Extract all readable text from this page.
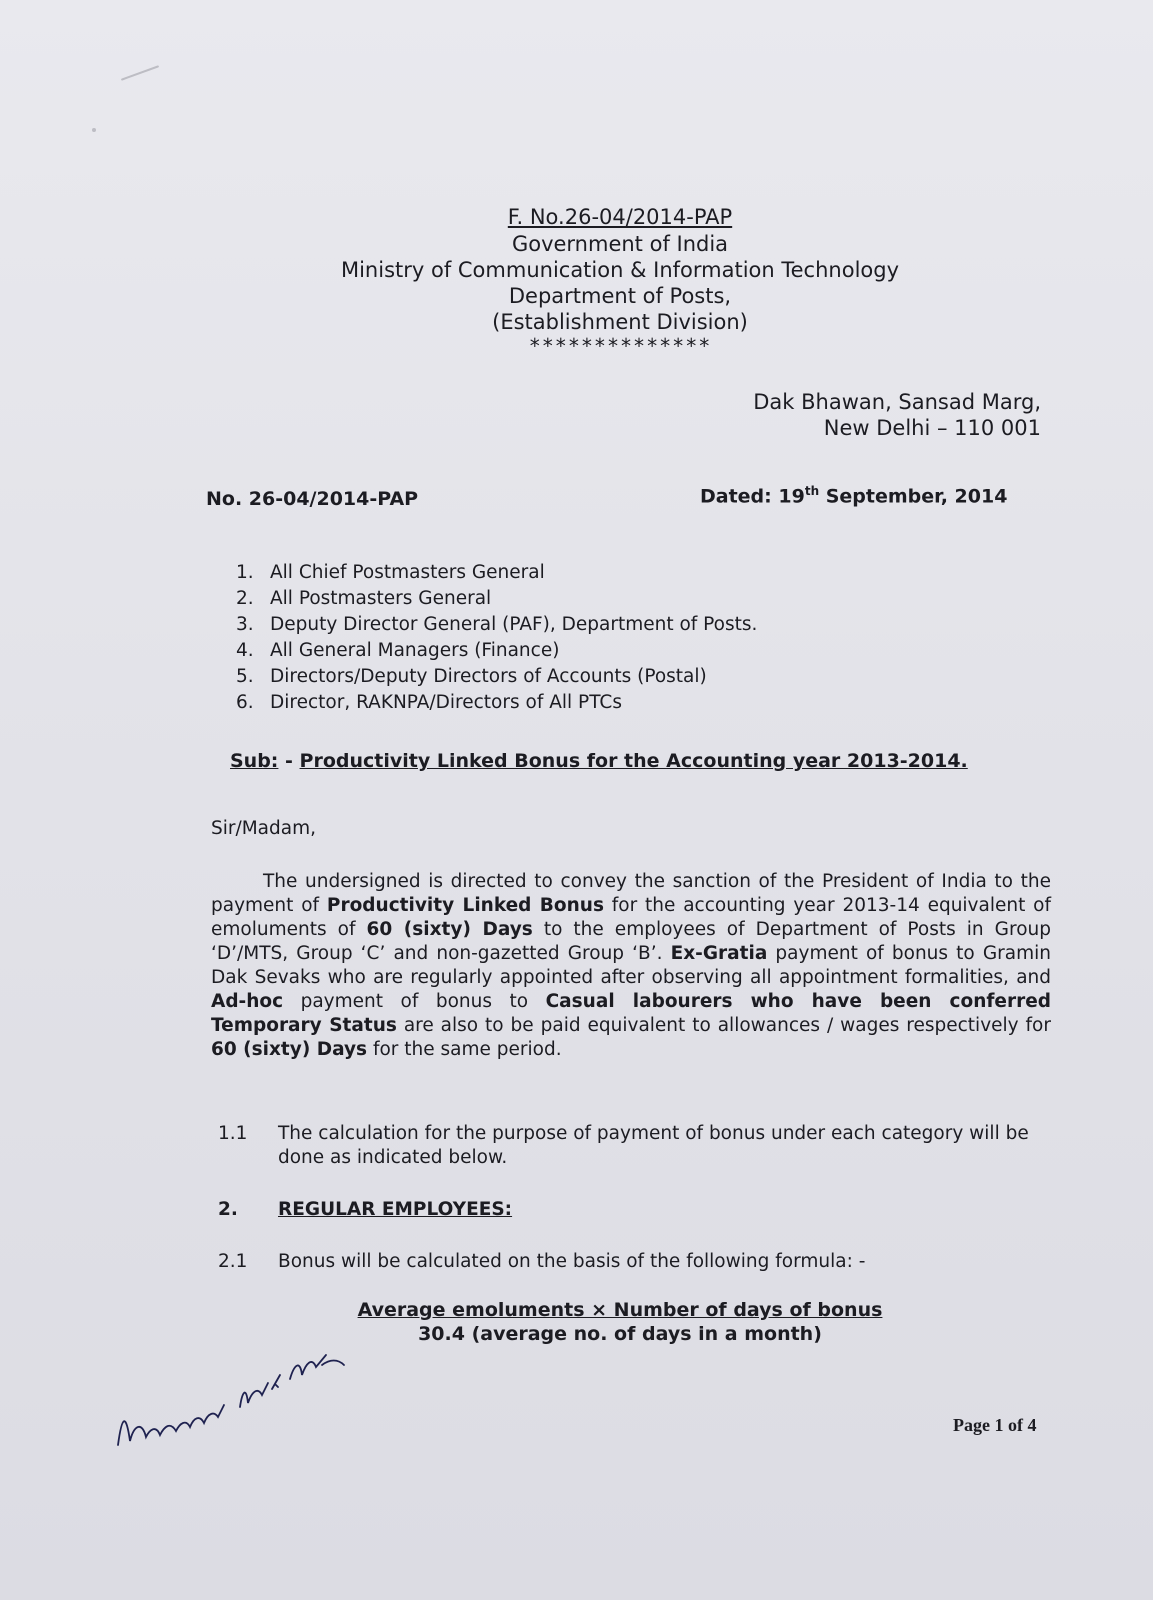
F. No.26-04/2014-PAP
Government of India
Ministry of Communication & Information Technology
Department of Posts,
(Establishment Division)
**************
Dak Bhawan, Sansad Marg,
New Delhi – 110 001
No. 26-04/2014-PAP	Dated: 19th September, 2014
1. All Chief Postmasters General
2. All Postmasters General
3. Deputy Director General (PAF), Department of Posts.
4. All General Managers (Finance)
5. Directors/Deputy Directors of Accounts (Postal)
6. Director, RAKNPA/Directors of All PTCs
Sub: - Productivity Linked Bonus for the Accounting year 2013-2014.
Sir/Madam,
The undersigned is directed to convey the sanction of the President of India to the payment of Productivity Linked Bonus for the accounting year 2013-14 equivalent of emoluments of 60 (sixty) Days to the employees of Department of Posts in Group ‘D’/MTS, Group ‘C’ and non-gazetted Group ‘B’. Ex-Gratia payment of bonus to Gramin Dak Sevaks who are regularly appointed after observing all appointment formalities, and Ad-hoc payment of bonus to Casual labourers who have been conferred Temporary Status are also to be paid equivalent to allowances / wages respectively for 60 (sixty) Days for the same period.
1.1 The calculation for the purpose of payment of bonus under each category will be done as indicated below.
2. REGULAR EMPLOYEES:
2.1 Bonus will be calculated on the basis of the following formula: -
Average emoluments × Number of days of bonus
30.4 (average no. of days in a month)
Page 1 of 4
